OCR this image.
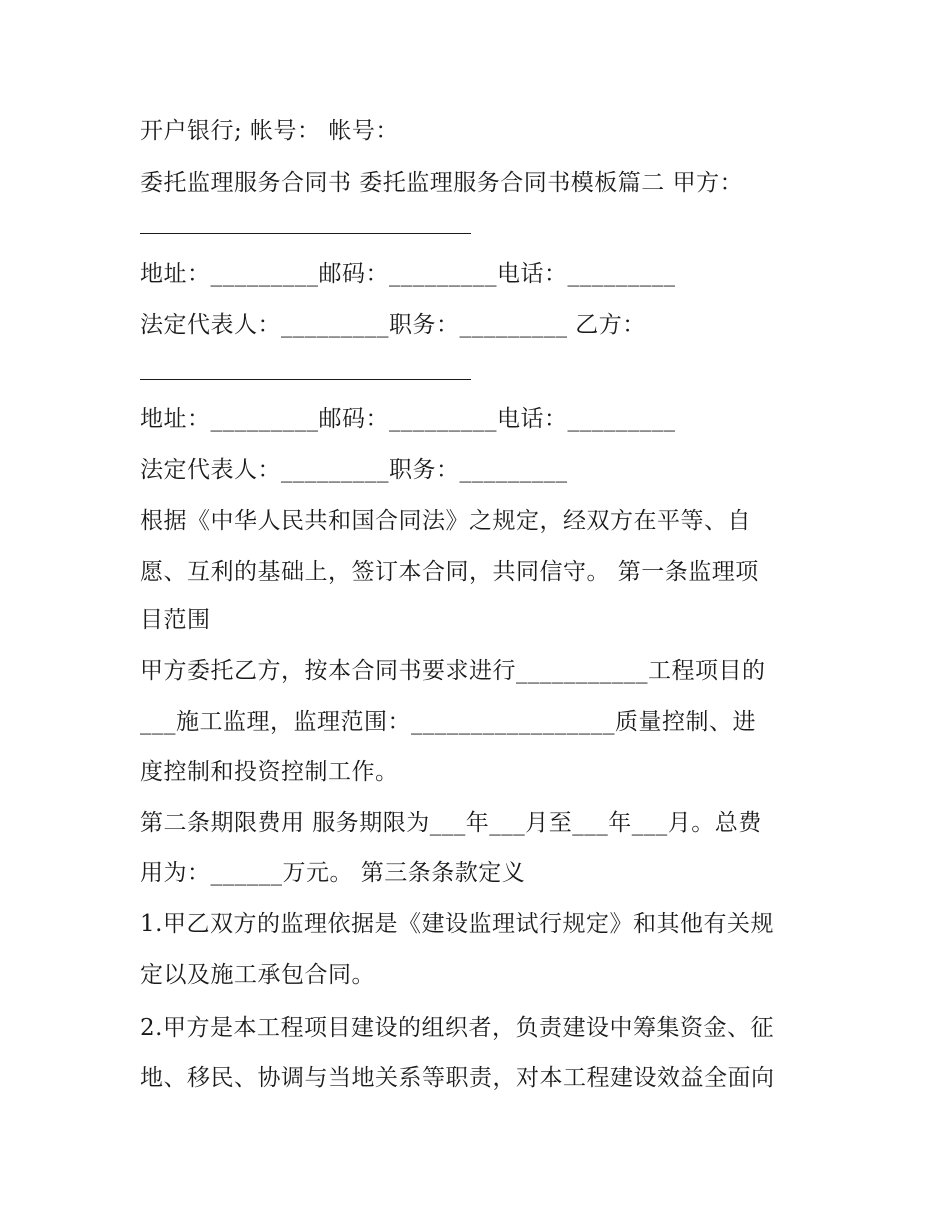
开户银行; 帐号： 帐号：
委托监理服务合同书 委托监理服务合同书模板篇二 甲方：
地址：_________邮码：_________电话：_________
法定代表人：_________职务：_________ 乙方：
地址：_________邮码：_________电话：_________
法定代表人：_________职务：_________
根据《中华人民共和国合同法》之规定，经双方在平等、自
愿、互利的基础上，签订本合同，共同信守。 第一条监理项
目范围
甲方委托乙方，按本合同书要求进行___________工程项目的
___施工监理，监理范围：_________________质量控制、进
度控制和投资控制工作。
第二条期限费用 服务期限为___年___月至___年___月。总费
用为：______万元。 第三条条款定义
1.甲乙双方的监理依据是《建设监理试行规定》和其他有关规
定以及施工承包合同。
2.甲方是本工程项目建设的组织者，负责建设中筹集资金、征
地、移民、协调与当地关系等职责，对本工程建设效益全面向
